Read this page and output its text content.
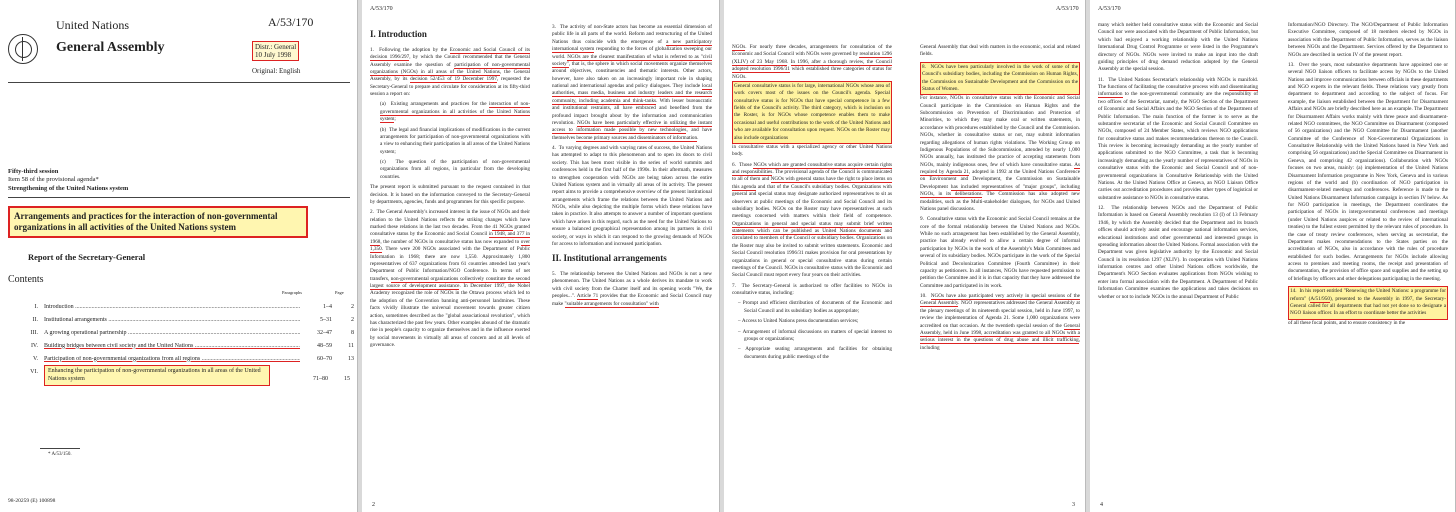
United Nations
General Assembly
A/53/170
Distr.: General
10 July 1998
Original: English
Fifty-third session
Item 58 of the provisional agenda*

Strengthening of the United Nations system
Arrangements and practices for the interaction of non-governmental organizations in all activities of the United Nations system
Report of the Secretary-General
Contents
Paragraphs	Page
I. Introduction .....	1–4	2
II. Institutional arrangements .....	5–31	2
III. A growing operational partnership .....	32–47	8
IV. Building bridges between civil society and the United Nations .....	48–59	11
V. Participation of non-governmental organizations from all regions .....	60–70	13
VI.	Enhancing the participation of non-governmental organizations in all areas of the United Nations system	71–80	15
* A/53/150.
98-20259 (E) 100898
A/53/170
I. Introduction

1.  Following the adoption by the Economic and Social Council of its decision 1996/297, by which the Council recommended that the General Assembly examine the question of participation of non-governmental organizations (NGOs) in all areas of the United Nations, the General Assembly, by its decision 52/453 of 19 December 1997, requested the Secretary-General to prepare and circulate for consideration at its fifty-third session a report on:

(a)  Existing arrangements and practices for the interaction of non-governmental organizations in all activities of the United Nations system;

(b)  The legal and financial implications of modifications in the current arrangements for participation of non-governmental organizations with a view to enhancing their participation in all areas of the United Nations system;

(c)  The question of the participation of non-governmental organizations from all regions, in particular from the developing countries.

The present report is submitted pursuant to the request contained in that decision. It is based on the information conveyed to the Secretary-General by departments, agencies, funds and programmes for this specific purpose.

2.  The General Assembly's increased interest in the issue of NGOs and their relation to the United Nations reflects the striking changes which have marked these relations in the last two decades. From the 41 NGOs granted consultative status by the Economic and Social Council in 1948, and 377 in 1968, the number of NGOs in consultative status has now expanded to over 1,350. There were 200 NGOs associated with the Department of Public Information in 1968; there are now 1,550. Approximately 1,800 representatives of 637 organizations from 61 countries attended last year's Department of Public Information/NGO Conference. In terms of net transfers, non-governmental organizations collectively constitute the second largest source of development assistance. In December 1997, the Nobel Academy recognized the role of NGOs in the Ottawa process which led to the adoption of the Convention banning anti-personnel landmines. These facts vividly illustrate the universal movement towards greater citizen action, sometimes described as the "global associational revolution", which has characterized the past few years. Other examples abound of the dramatic rise in people's capacity to organize themselves and in the influence exerted by social movements in virtually all areas of concern and at all levels of governance.

3.  The activity of non-State actors has become an essential dimension of public life in all parts of the world. Reform and restructuring of the United Nations thus coincide with the emergence of a new participatory international system responding to the forces of globalization sweeping our world. NGOs are the clearest manifestation of what is referred to as "civil society", that is, the sphere in which social movements organize themselves around objectives, constituencies and thematic interests. Other actors, however, have also taken on an increasingly important role in shaping national and international agendas and policy dialogues. They include local authorities, mass media, business and industry leaders and the research community, including academia and think-tanks. With lesser bureaucratic and institutional restraints, all have embraced and benefited from the profound impact brought about by the information and communication revolution. NGOs have been particularly effective in utilizing the instant access to information made possible by new technologies, and have themselves become primary sources and disseminators of information.

4.  To varying degrees and with varying rates of success, the United Nations has attempted to adapt to this phenomenon and to open its doors to civil society. This has been most visible in the series of world summits and conferences held in the first half of the 1990s. In their aftermath, measures to strengthen cooperation with NGOs are being taken across the entire United Nations system and in virtually all areas of its activity. The present report aims to provide a comprehensive overview of the present institutional arrangements which frame the relations between the United Nations and NGOs, while also depicting the multiple forms which these relations have taken in practice. It also attempts to answer a number of important questions which have arisen in this regard, such as the need for the United Nations to ensure a balanced geographical representation among its partners in civil society, or ways in which it can respond to the growing demands of NGOs for access to information and increased participation.

II. Institutional arrangements

5.  The relationship between the United Nations and NGOs is not a new phenomenon. The United Nations as a whole derives its mandate to work with civil society from the Charter itself and its opening words "We, the peoples...". Article 71 provides that the Economic and Social Council may make "suitable arrangements for consultation" with

2
A/53/170

NGOs. For nearly three decades, arrangements for consultation of the Economic and Social Council with NGOs were governed by resolution 1296 (XLIV) of 23 May 1968. In 1996, after a thorough review, the Council adopted resolution 1996/31 which established three categories of status for NGOs.
General consultative status is for large, international NGOs whose area of work covers most of the issues on the Council's agenda. Special consultative status is for NGOs that have special competence in a few fields of the Council's activity. The third category, which is inclusion on the Roster, is for NGOs whose competence enables them to make occasional and useful contributions to the work of the United Nations and who are available for consultation upon request. NGOs on the Roster may also include organizations
in consultative status with a specialized agency or other United Nations body.

6.  Those NGOs which are granted consultative status acquire certain rights and responsibilities. The provisional agenda of the Council is communicated to all of them and NGOs with general status have the right to place items on this agenda and that of the Council's subsidiary bodies. Organizations with general and special status may designate authorized representatives to sit as observers at public meetings of the Economic and Social Council and its subsidiary bodies. NGOs on the Roster may have representatives at such meetings concerned with matters within their field of competence. Organizations in general and special status may submit brief written statements which can be published as United Nations documents and circulated to members of the Council or subsidiary bodies. Organizations on the Roster may also be invited to submit written statements. Economic and Social Council resolution 1996/31 makes provision for oral presentations by organizations in general or special consultative status during certain meetings of the Council. NGOs in consultative status with the Economic and Social Council must report every four years on their activities.

7.  The Secretary-General is authorized to offer facilities to NGOs in consultative status, including:

– Prompt and efficient distribution of documents of the Economic and Social Council and its subsidiary bodies as appropriate;

– Access to United Nations press documentation services;

– Arrangement of informal discussions on matters of special interest to groups or organizations;

– Appropriate seating arrangements and facilities for obtaining documents during public meetings of the

General Assembly that deal with matters in the economic, social and related fields.

8.  NGOs have been particularly involved in the work of some of the Council's subsidiary bodies, including the Commission on Human Rights, the Commission on Sustainable Development and the Commission on the Status of Women.
For instance, NGOs in consultative status with the Economic and Social Council participate in the Commission on Human Rights and the Subcommission on Prevention of Discrimination and Protection of Minorities, to which they may make oral or written statements, in accordance with procedures established by the Council and the Commission. NGOs, whether in consultative status or not, may submit information regarding allegations of human rights violations. The Working Group on Indigenous Populations of the Subcommission, attended by nearly 1,000 NGOs annually, has instituted the practice of accepting statements from NGOs, mainly indigenous ones, few of which have consultative status. As required by Agenda 21, adopted in 1992 at the United Nations Conference on Environment and Development, the Commission on Sustainable Development has included representatives of "major groups", including NGOs, in its deliberations. The Commission has also adopted new modalities, such as the Multi-stakeholder dialogues, for NGOs and United Nations panel discussions.

9.  Consultative status with the Economic and Social Council remains at the core of the formal relationship between the United Nations and NGOs. While no such arrangement has been established by the General Assembly, practice has already evolved to allow a certain degree of informal participation by NGOs in the work of the Assembly's Main Committees and several of its subsidiary bodies. NGOs participate in the work of the Special Political and Decolonization Committee (Fourth Committee) in their capacity as petitioners. In all instances, NGOs have requested permission to petition the Committee and it is in that capacity that they have addressed the Committee and participated in its work.

10.  NGOs have also participated very actively in special sessions of the General Assembly. NGO representatives addressed the General Assembly at the plenary meetings of its nineteenth special session, held in June 1997, to review the implementation of Agenda 21. Some 1,000 organizations were accredited on that occasion. At the twentieth special session of the General Assembly, held in June 1998, accreditation was granted to all NGOs with a serious interest in the questions of drug abuse and illicit trafficking, including

3
A/53/170

many which neither held consultative status with the Economic and Social Council nor were associated with the Department of Public Information, but which had enjoyed a working relationship with the United Nations International Drug Control Programme or were listed in the Programme's directory of NGOs. NGOs were invited to make an input into the draft guiding principles of drug demand reduction adopted by the General Assembly at the special session.

11.  The United Nations Secretariat's relationship with NGOs is manifold. The functions of facilitating the consultative process with and disseminating information to the non-governmental community are the responsibility of two offices of the Secretariat, namely, the NGO Section of the Department of Economic and Social Affairs and the NGO Section of the Department of Public Information. The main function of the former is to serve as the substantive secretariat of the Economic and Social Council Committee on NGOs, composed of 24 Member States, which reviews NGO applications for consultative status and makes recommendations thereon to the Council. This review is becoming increasingly demanding as the yearly number of applications submitted to the NGO Committee, a task that is becoming increasingly demanding as the yearly number of representatives of NGOs in consultative status with the Economic and Social Council and of non-governmental organizations in Consultative Relationship with the United Nations. At the United Nations Office at Geneva, an NGO Liaison Office carries out accreditation procedures and provides other types of logistical or substantive assistance to NGOs in consultative status.

12.  The relationship between NGOs and the Department of Public Information is based on General Assembly resolution 13 (I) of 13 February 1946, by which the Assembly decided that the Department and its branch offices should actively assist and encourage national information services, educational institutions and other governmental and interested groups in spreading information about the United Nations. Formal association with the Department was given legislative authority by the Economic and Social Council in its resolution 1297 (XLIV). In cooperation with United Nations information centres and other United Nations offices worldwide, the Department's NGO Section evaluates applications from NGOs wishing to enter into formal association with the Department. A Department of Public Information Committee examines the applications and takes decisions on whether or not to include NGOs in the annual Department of Public

Information/NGO Directory. The NGO/Department of Public Information Executive Committee, composed of 18 members elected by NGOs in association with the Department of Public Information, serves as the liaison between NGOs and the Department. Services offered by the Department to NGOs are described in section IV of the present report.

13.  Over the years, most substantive departments have appointed one or several NGO liaison officers to facilitate access by NGOs to the United Nations and improve communications between officials in these departments and NGO experts in the relevant fields. These relations vary greatly from department to department and according to the subject of focus. For example, the liaison established between the Department for Disarmament Affairs and NGOs are briefly described here as an example. The Department for Disarmament Affairs works mainly with three peace and disarmament-related NGO committees, the NGO Committee on Disarmament (composed of 56 organizations) and the NGO Committee for Disarmament (another Committee of the Conference of Non-Governmental Organizations in Consultative Relationship with the United Nations based in New York and comprising 56 organizations) and the Special Committee on Disarmament in Geneva, and comprising 42 organizations). Collaboration with NGOs focuses on two areas, mainly: (a) implementation of the United Nations Disarmament Information programme in New York, Geneva and in various regions of the world and (b) coordination of NGO participation in disarmament-related meetings and conferences. Reference is made to the United Nations Disarmament Information campaign in section IV below. As for NGO participation in meetings, the Department coordinates the participation of NGOs in intergovernmental conferences and meetings (under United Nations auspices or related to the review of international treaties) to the fullest extent permitted by the relevant rules of procedure. In the case of treaty review conferences, when serving as secretariat, the Department makes recommendations to the States parties on the accreditation of NGOs, also in accordance with the rules of procedure established for such bodies. Arrangements for NGOs include allowing access to premises and meeting rooms, the receipt and presentation of documentation, the provision of office space and supplies and the setting up of briefings by officers and other delegations participating in the meeting.

14.  In his report entitled "Renewing the United Nations: a programme for reform" (A/51/950), presented to the Assembly in 1997, the Secretary-General called for all departments that had not yet done so to designate a NGO liaison officer. In an effort to coordinate better the activities
of all these focal points, and to ensure consistency in the

4
